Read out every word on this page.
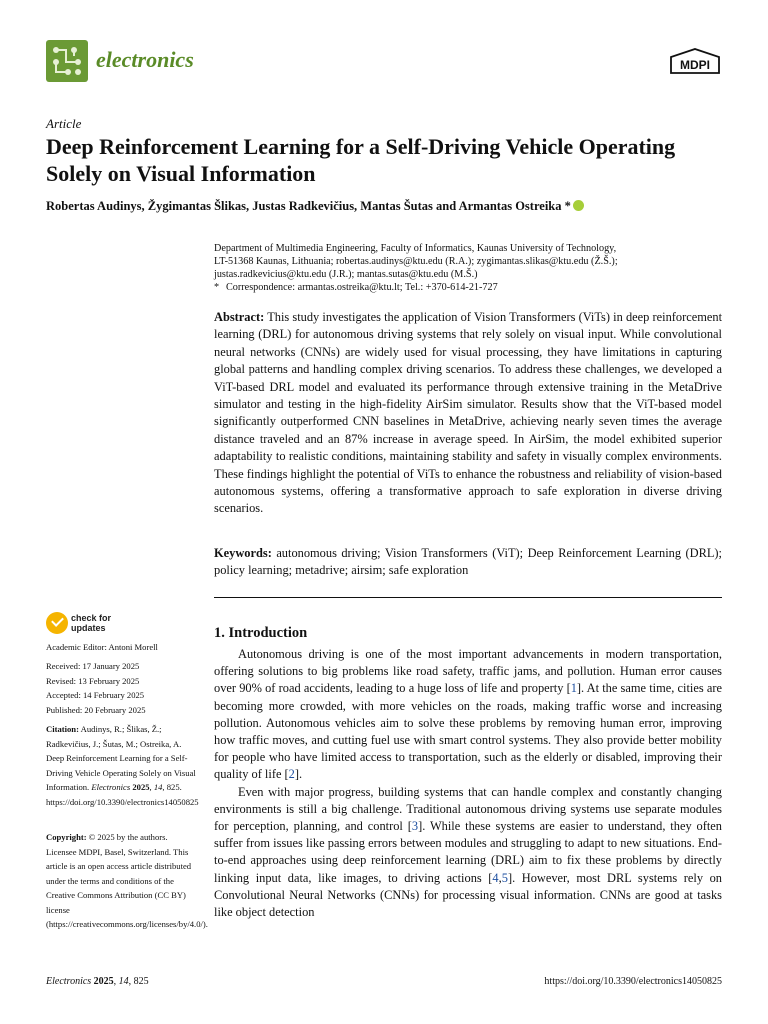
electronics	MDPI
Article
Deep Reinforcement Learning for a Self-Driving Vehicle Operating Solely on Visual Information
Robertas Audinys, Žygimantas Šlikas, Justas Radkevičius, Mantas Šutas and Armantas Ostreika *
Department of Multimedia Engineering, Faculty of Informatics, Kaunas University of Technology,
LT-51368 Kaunas, Lithuania; robertas.audinys@ktu.edu (R.A.); zygimantas.slikas@ktu.edu (Ž.Š.);
justas.radkevicius@ktu.edu (J.R.); mantas.sutas@ktu.edu (M.Š.)
* Correspondence: armantas.ostreika@ktu.lt; Tel.: +370-614-21-727
Abstract: This study investigates the application of Vision Transformers (ViTs) in deep reinforcement learning (DRL) for autonomous driving systems that rely solely on visual input. While convolutional neural networks (CNNs) are widely used for visual processing, they have limitations in capturing global patterns and handling complex driving scenarios. To address these challenges, we developed a ViT-based DRL model and evaluated its performance through extensive training in the MetaDrive simulator and testing in the high-fidelity AirSim simulator. Results show that the ViT-based model significantly outperformed CNN baselines in MetaDrive, achieving nearly seven times the average distance traveled and an 87% increase in average speed. In AirSim, the model exhibited superior adaptability to realistic conditions, maintaining stability and safety in visually complex environments. These findings highlight the potential of ViTs to enhance the robustness and reliability of vision-based autonomous systems, offering a transformative approach to safe exploration in diverse driving scenarios.
Keywords: autonomous driving; Vision Transformers (ViT); Deep Reinforcement Learning (DRL); policy learning; metadrive; airsim; safe exploration
check for
updates

Academic Editor: Antoni Morell

Received: 17 January 2025

Revised: 13 February 2025

Accepted: 14 February 2025

Published: 20 February 2025

Citation: Audinys, R.; Šlikas, Ž.; Radkevičius, J.; Šutas, M.; Ostreika, A. Deep Reinforcement Learning for a Self-Driving Vehicle Operating Solely on Visual Information. Electronics 2025, 14, 825. https://doi.org/10.3390/electronics14050825
Copyright: © 2025 by the authors. Licensee MDPI, Basel, Switzerland. This article is an open access article distributed under the terms and conditions of the Creative Commons Attribution (CC BY) license (https://creativecommons.org/licenses/by/4.0/).
1. Introduction

Autonomous driving is one of the most important advancements in modern transportation, offering solutions to big problems like road safety, traffic jams, and pollution. Human error causes over 90% of road accidents, leading to a huge loss of life and property [1]. At the same time, cities are becoming more crowded, with more vehicles on the roads, making traffic worse and increasing pollution. Autonomous vehicles aim to solve these problems by removing human error, improving how traffic moves, and cutting fuel use with smart control systems. They also provide better mobility for people who have limited access to transportation, such as the elderly or disabled, improving their quality of life [2].

Even with major progress, building systems that can handle complex and constantly changing environments is still a big challenge. Traditional autonomous driving systems use separate modules for perception, planning, and control [3]. While these systems are easier to understand, they often suffer from issues like passing errors between modules and struggling to adapt to new situations. End-to-end approaches using deep reinforcement learning (DRL) aim to fix these problems by directly linking input data, like images, to driving actions [4,5]. However, most DRL systems rely on Convolutional Neural Networks (CNNs) for processing visual information. CNNs are good at tasks like object detection

Electronics 2025, 14, 825	https://doi.org/10.3390/electronics14050825
